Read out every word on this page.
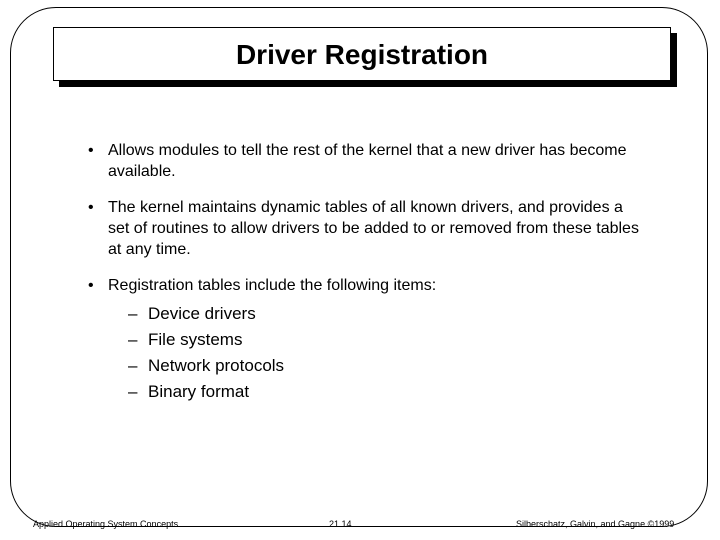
Driver Registration
• Allows modules to tell the rest of the kernel that a new driver has become available.
• The kernel maintains dynamic tables of all known drivers, and provides a set of routines to allow drivers to be added to or removed from these tables at any time.
• Registration tables include the following items:
– Device drivers
– File systems
– Network protocols
– Binary format
Applied Operating System Concepts	21.14	Silberschatz, Galvin, and Gagne ©1999
